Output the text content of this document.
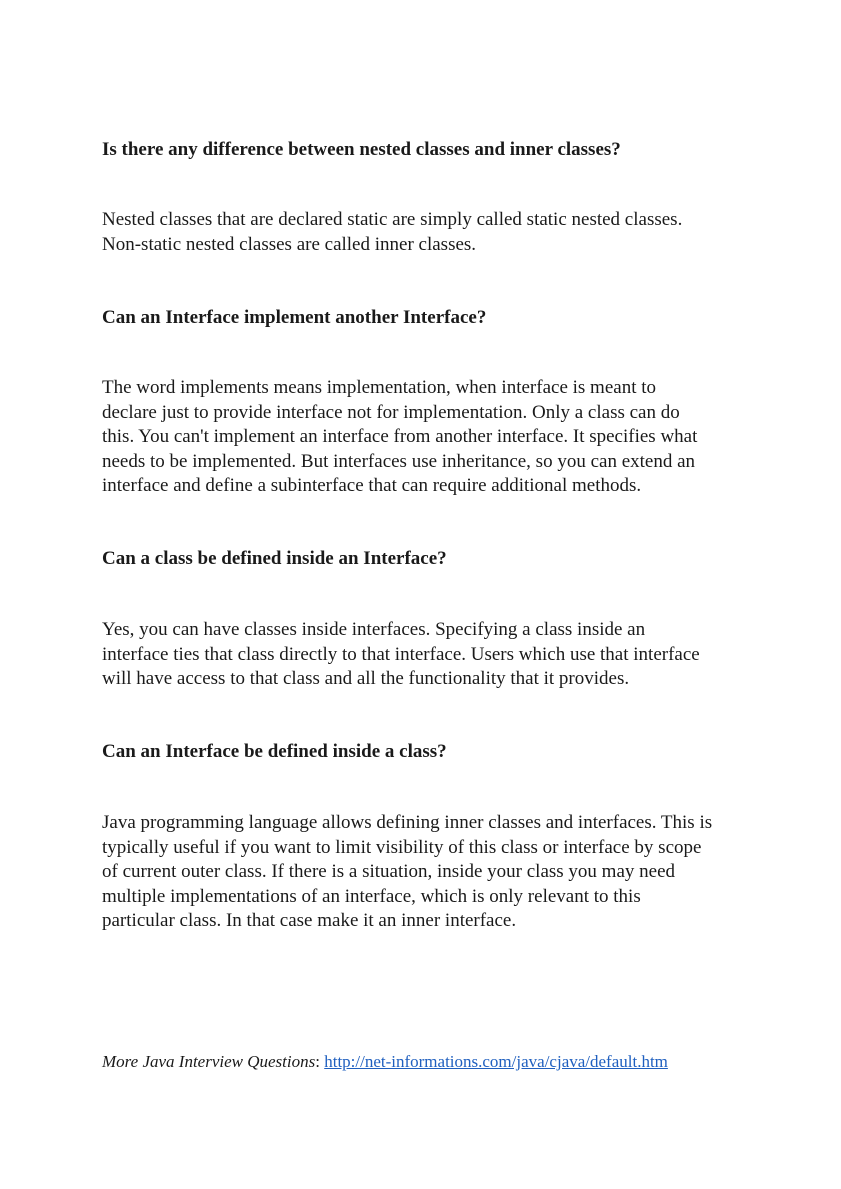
Is there any difference between nested classes and inner classes?

Nested classes that are declared static are simply called static nested classes.
Non-static nested classes are called inner classes.

Can an Interface implement another Interface?

The word implements means implementation, when interface is meant to
declare just to provide interface not for implementation. Only a class can do
this. You can't implement an interface from another interface. It specifies what
needs to be implemented. But interfaces use inheritance, so you can extend an
interface and define a subinterface that can require additional methods.

Can a class be defined inside an Interface?

Yes, you can have classes inside interfaces. Specifying a class inside an
interface ties that class directly to that interface. Users which use that interface
will have access to that class and all the functionality that it provides.

Can an Interface be defined inside a class?

Java programming language allows defining inner classes and interfaces. This is
typically useful if you want to limit visibility of this class or interface by scope
of current outer class. If there is a situation, inside your class you may need
multiple implementations of an interface, which is only relevant to this
particular class. In that case make it an inner interface.

More Java Interview Questions: http://net-informations.com/java/cjava/default.htm
